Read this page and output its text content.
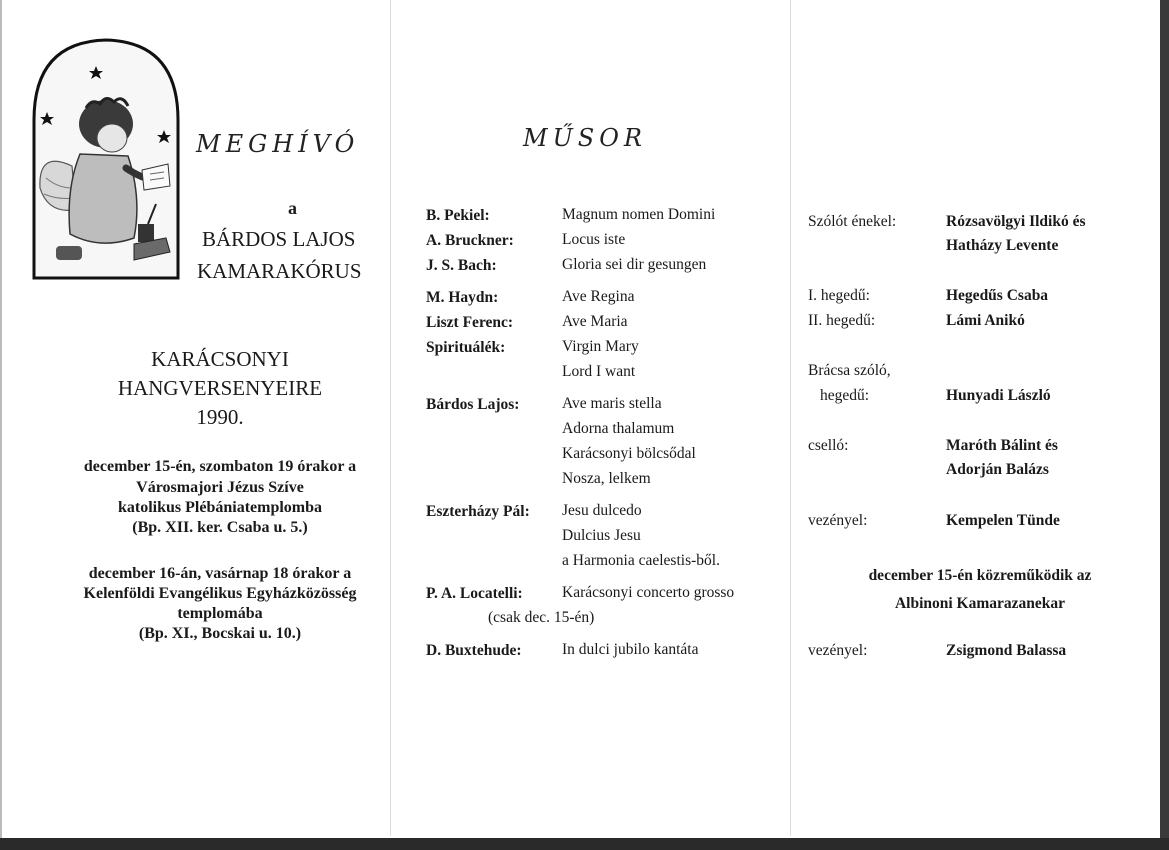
MEGHÍVÓ
a
BÁRDOS LAJOS
KAMARAKÓRUS
KARÁCSONYI
HANGVERSENYEIRE
1990.
december 15-én, szombaton 19 órakor a
Városmajori Jézus Szíve
katolikus Plébániatemplomba
(Bp. XII. ker. Csaba u. 5.)
december 16-án, vasárnap 18 órakor a
Kelenföldi Evangélikus Egyházközösség
templomába
(Bp. XI., Bocskai u. 10.)
MŰSOR
B. Pekiel:	Magnum nomen Domini
A. Bruckner:	Locus iste
J. S. Bach:	Gloria sei dir gesungen
M. Haydn:	Ave Regina
Liszt Ferenc:	Ave Maria
Spirituálék:	Virgin Mary
Lord I want
Bárdos Lajos:	Ave maris stella
Adorna thalamum
Karácsonyi bölcsődal
Nosza, lelkem
Eszterházy Pál: Jesu dulcedo
Dulcius Jesu
a Harmonia caelestis-ből.
P. A. Locatelli:	Karácsonyi concerto grosso
(csak dec. 15-én)
D. Buxtehude:	In dulci jubilo kantáta
Szólót énekel:	Rózsavölgyi Ildikó és
Hatházy Levente
I. hegedű:	Hegedűs Csaba
II. hegedű:	Lámi Anikó
Brácsa szóló,
hegedű:	Hunyadi László
cselló:	Maróth Bálint és
Adorján Balázs
vezényel:	Kempelen Tünde
december 15-én közreműködik az
Albinoni Kamarazanekar
vezényel:	Zsigmond Balassa
